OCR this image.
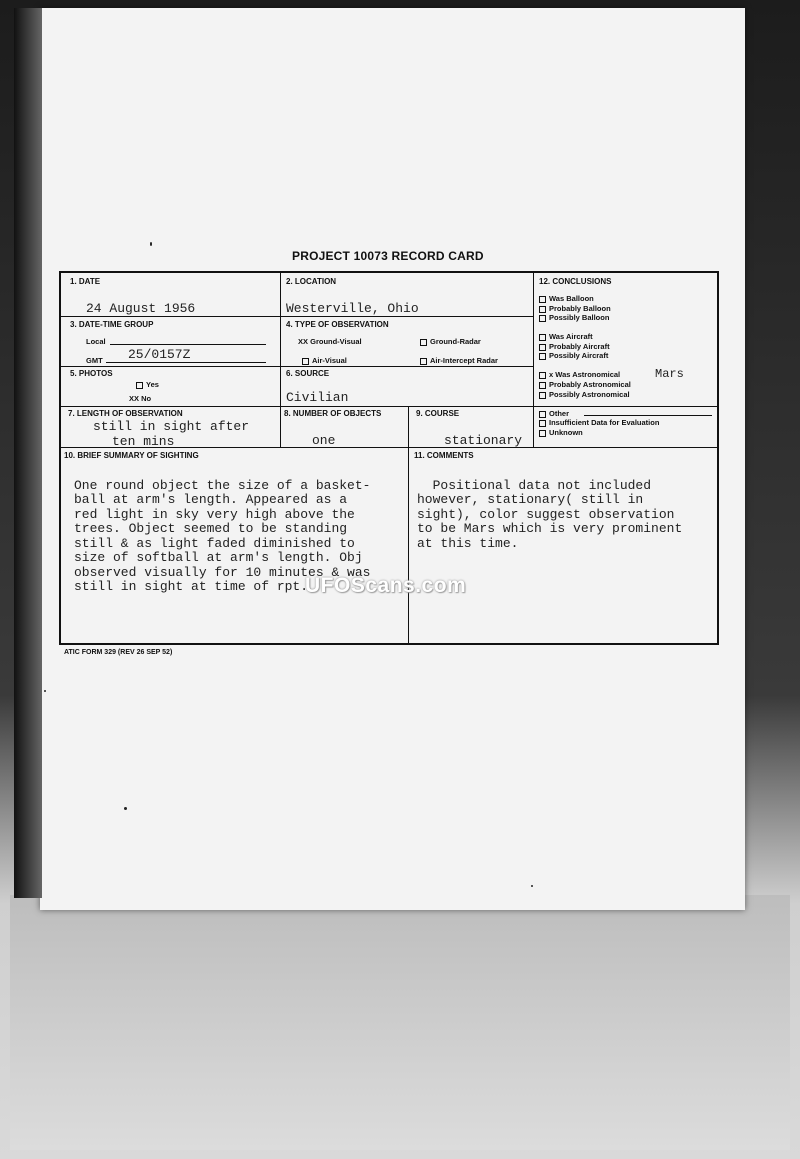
PROJECT 10073 RECORD CARD
1. DATE
24 August 1956
2. LOCATION
Westerville, Ohio
3. DATE-TIME GROUP
Local
GMT 25/0157Z
4. TYPE OF OBSERVATION
XX Ground-Visual	Ground-Radar
Air-Visual	Air-Intercept Radar
5. PHOTOS
Yes
XX No
6. SOURCE
Civilian
7. LENGTH OF OBSERVATION
still in sight after
ten mins
8. NUMBER OF OBJECTS
one
9. COURSE
stationary
12. CONCLUSIONS
Was Balloon
Probably Balloon
Possibly Balloon
Was Aircraft
Probably Aircraft
Possibly Aircraft
x Was Astronomical	Mars
Probably Astronomical
Possibly Astronomical
Other
Insufficient Data for Evaluation
Unknown
10. BRIEF SUMMARY OF SIGHTING

One round object the size of a basket-
ball at arm's length. Appeared as a
red light in sky very high above the
trees. Object seemed to be standing
still & as light faded diminished to
size of softball at arm's length. Obj
observed visually for 10 minutes & was
still in sight at time of rpt.

11. COMMENTS

Positional data not included
however, stationary( still in
sight), color suggest observation
to be Mars which is very prominent
at this time.

UFOScans.com
ATIC FORM 329 (REV 26 SEP 52)
